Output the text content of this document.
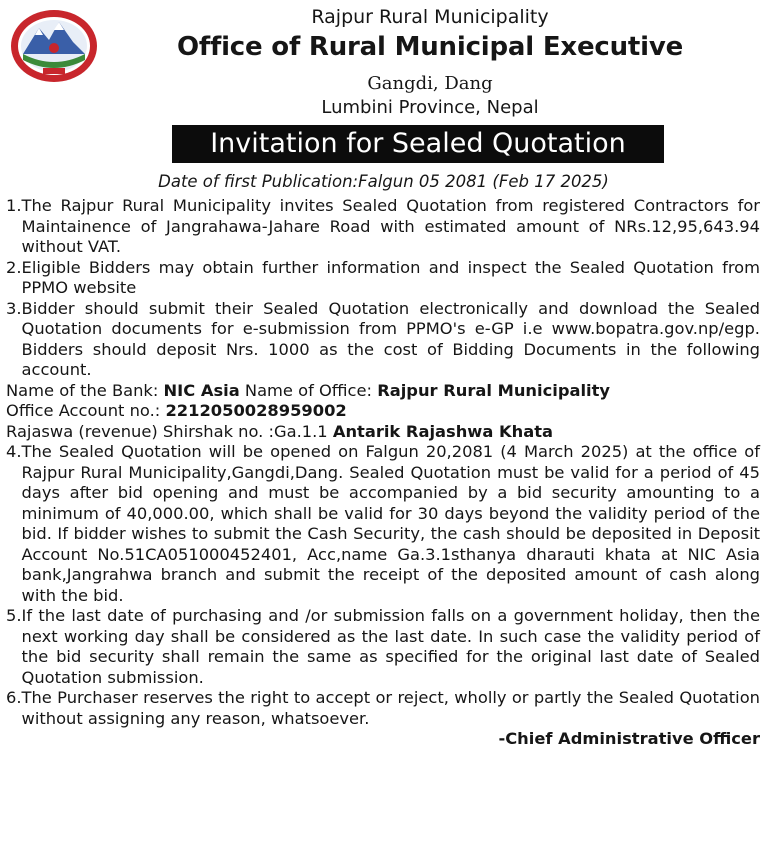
Rajpur Rural Municipality
Office of Rural Municipal Executive
Gangdi, Dang
Lumbini Province, Nepal
Invitation for Sealed Quotation
Date of first Publication:Falgun 05 2081 (Feb 17 2025)
1. The Rajpur Rural Municipality invites Sealed Quotation from registered Contractors for Maintainence of Jangrahawa-Jahare Road with estimated amount of NRs.12,95,643.94 without VAT.
2. Eligible Bidders may obtain further information and inspect the Sealed Quotation from PPMO website
3. Bidder should submit their Sealed Quotation electronically and download the Sealed Quotation documents for e-submission from PPMO's e-GP i.e www.bopatra.gov.np/egp. Bidders should deposit Nrs. 1000 as the cost of Bidding Documents in the following account.
Name of the Bank: NIC Asia Name of Office: Rajpur Rural Municipality
Office Account no.: 221205002895900​2
Rajaswa (revenue) Shirshak no. :Ga.1.1 Antarik Rajashwa Khata
4. The Sealed Quotation will be opened on Falgun 20,2081 (4 March 2025) at the office of Rajpur Rural Municipality,Gangdi,Dang. Sealed Quotation must be valid for a period of 45 days after bid opening and must be accompanied by a bid security amounting to a minimum of 40,000.00, which shall be valid for 30 days beyond the validity period of the bid. If bidder wishes to submit the Cash Security, the cash should be deposited in Deposit Account No.51CA051000452401, Acc,name Ga.3.1sthanya dharauti khata at NIC Asia bank,Jangrahwa branch and submit the receipt of the deposited amount of cash along with the bid.
5. If the last date of purchasing and /or submission falls on a government holiday, then the next working day shall be considered as the last date. In such case the validity period of the bid security shall remain the same as specified for the original last date of Sealed Quotation submission.
6. The Purchaser reserves the right to accept or reject, wholly or partly the Sealed Quotation without assigning any reason, whatsoever.
-Chief Administrative Officer
